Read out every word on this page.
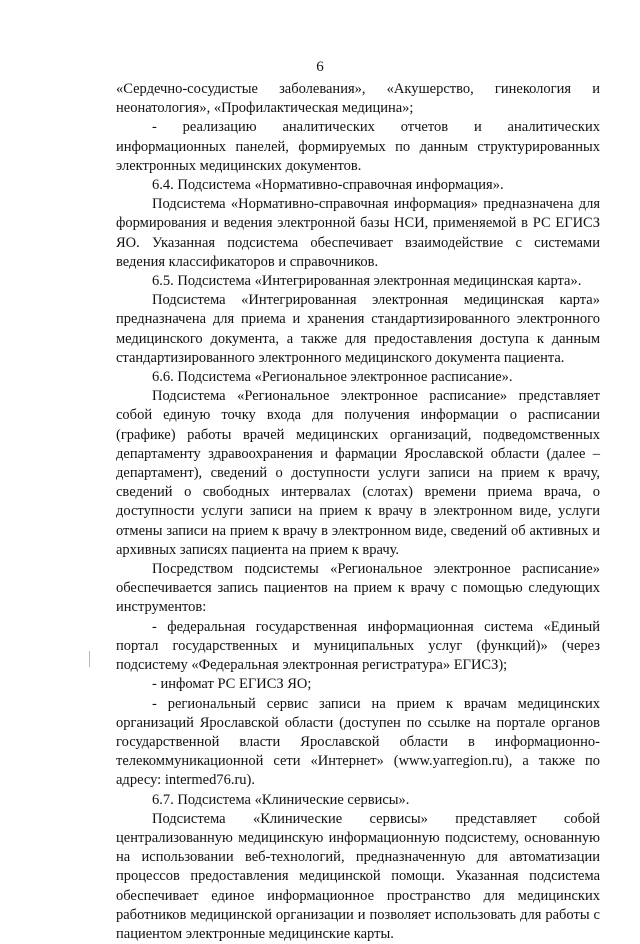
6

«Сердечно-сосудистые заболевания», «Акушерство, гинекология и неонатология», «Профилактическая медицина»;

- реализацию аналитических отчетов и аналитических информационных панелей, формируемых по данным структурированных электронных медицинских документов.

6.4. Подсистема «Нормативно-справочная информация».

Подсистема «Нормативно-справочная информация» предназначена для формирования и ведения электронной базы НСИ, применяемой в РС ЕГИСЗ ЯО. Указанная подсистема обеспечивает взаимодействие с системами ведения классификаторов и справочников.

6.5. Подсистема «Интегрированная электронная медицинская карта».

Подсистема «Интегрированная электронная медицинская карта» предназначена для приема и хранения стандартизированного электронного медицинского документа, а также для предоставления доступа к данным стандартизированного электронного медицинского документа пациента.

6.6. Подсистема «Региональное электронное расписание».

Подсистема «Региональное электронное расписание» представляет собой единую точку входа для получения информации о расписании (графике) работы врачей медицинских организаций, подведомственных департаменту здравоохранения и фармации Ярославской области (далее – департамент), сведений о доступности услуги записи на прием к врачу, сведений о свободных интервалах (слотах) времени приема врача, о доступности услуги записи на прием к врачу в электронном виде, услуги отмены записи на прием к врачу в электронном виде, сведений об активных и архивных записях пациента на прием к врачу.

Посредством подсистемы «Региональное электронное расписание» обеспечивается запись пациентов на прием к врачу с помощью следующих инструментов:

- федеральная государственная информационная система «Единый портал государственных и муниципальных услуг (функций)» (через подсистему «Федеральная электронная регистратура» ЕГИСЗ);

- инфомат РС ЕГИСЗ ЯО;

- региональный сервис записи на прием к врачам медицинских организаций Ярославской области (доступен по ссылке на портале органов государственной власти Ярославской области в информационно-телекоммуникационной сети «Интернет» (www.yarregion.ru), а также по адресу: intermed76.ru).

6.7. Подсистема «Клинические сервисы».

Подсистема «Клинические сервисы» представляет собой централизованную медицинскую информационную подсистему, основанную на использовании веб-технологий, предназначенную для автоматизации процессов предоставления медицинской помощи. Указанная подсистема обеспечивает единое информационное пространство для медицинских работников медицинской организации и позволяет использовать для работы с пациентом электронные медицинские карты.
